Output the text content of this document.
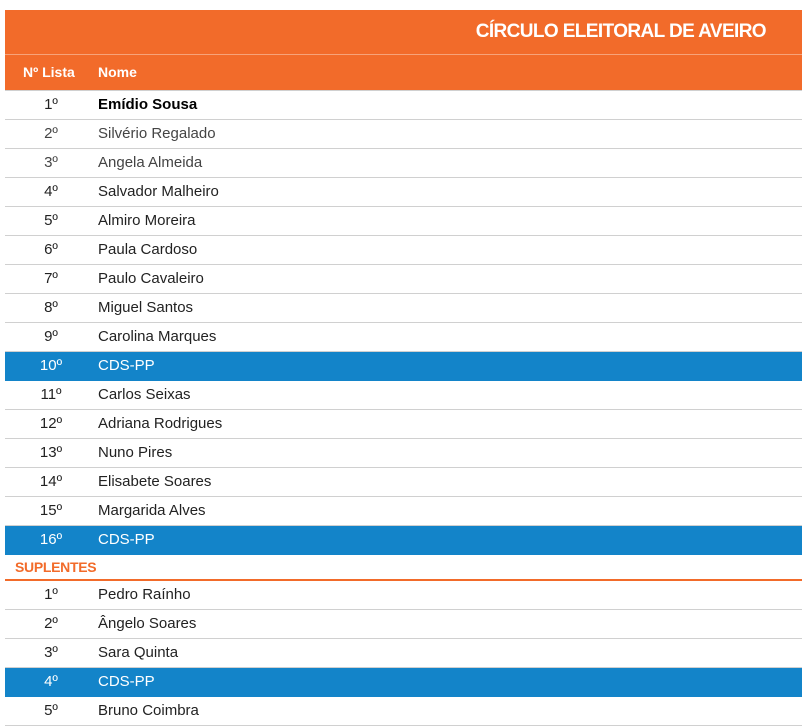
CÍRCULO ELEITORAL DE AVEIRO
Nº Lista Nome
1º	Emídio Sousa
2º	Silvério Regalado
3º	Angela Almeida
4º	Salvador Malheiro
5º	Almiro Moreira
6º	Paula Cardoso
7º	Paulo Cavaleiro
8º	Miguel Santos
9º	Carolina Marques
10º CDS-PP
11º Carlos Seixas
12º Adriana Rodrigues
13º Nuno Pires
14º Elisabete Soares
15º Margarida Alves
16º CDS-PP
SUPLENTES
1º	Pedro Raínho
2º	Ângelo Soares
3º	Sara Quinta
4º	CDS-PP
5º	Bruno Coimbra
